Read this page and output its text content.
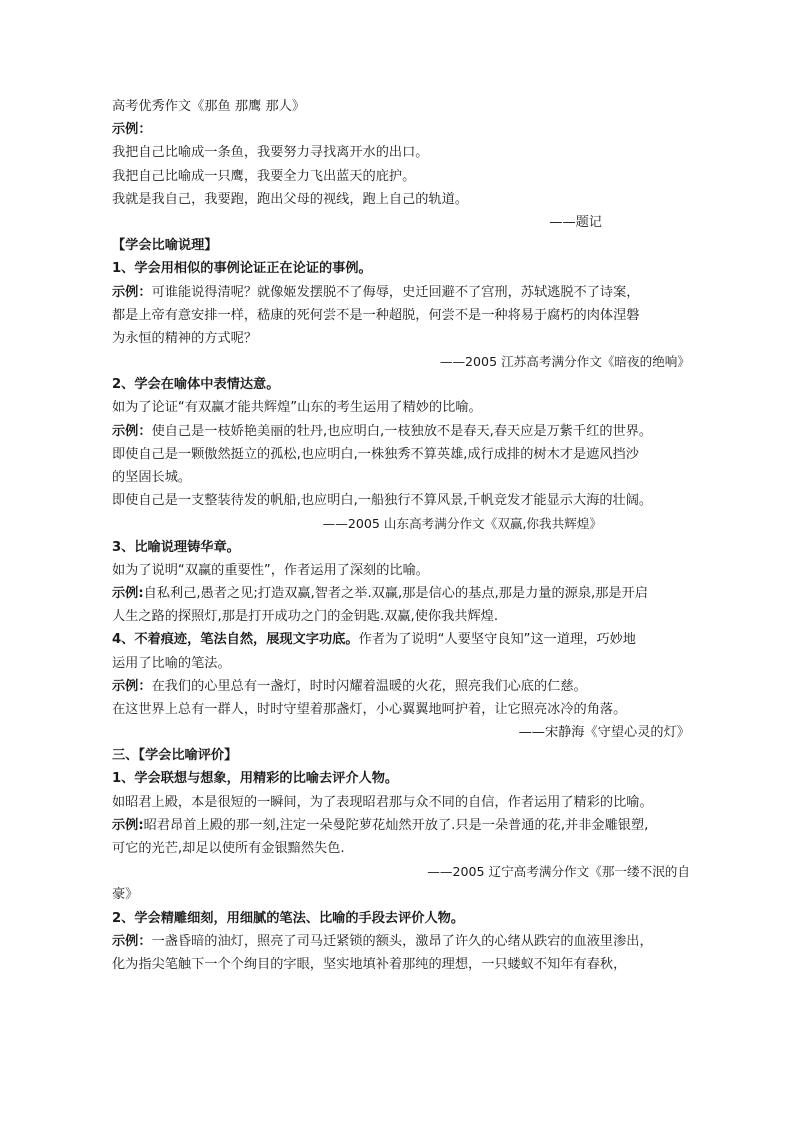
高考优秀作文《那鱼 那鹰 那人》
示例：
我把自己比喻成一条鱼，我要努力寻找离开水的出口。
我把自己比喻成一只鹰，我要全力飞出蓝天的庇护。
我就是我自己，我要跑，跑出父母的视线，跑上自己的轨道。
——题记
【学会比喻说理】
1、学会用相似的事例论证正在论证的事例。
示例：可谁能说得清呢？就像姬发摆脱不了侮辱，史迁回避不了宫刑，苏轼逃脱不了诗案，
都是上帝有意安排一样，嵇康的死何尝不是一种超脱，何尝不是一种将易于腐朽的肉体涅磐
为永恒的精神的方式呢？
——2005 江苏高考满分作文《暗夜的绝响》
2、学会在喻体中表情达意。
如为了论证“有双赢才能共辉煌”山东的考生运用了精妙的比喻。
示例：使自己是一枝娇艳美丽的牡丹,也应明白,一枝独放不是春天,春天应是万紫千红的世界。
即使自己是一颗傲然挺立的孤松,也应明白,一株独秀不算英雄,成行成排的树木才是遮风挡沙
的坚固长城。
即使自己是一支整装待发的帆船,也应明白,一船独行不算风景,千帆竞发才能显示大海的壮阔。
——2005 山东高考满分作文《双赢,你我共辉煌》
3、比喻说理铸华章。
如为了说明“双赢的重要性”，作者运用了深刻的比喻。
示例:自私利己,愚者之见;打造双赢,智者之举.双赢,那是信心的基点,那是力量的源泉,那是开启
人生之路的探照灯,那是打开成功之门的金钥匙.双赢,使你我共辉煌.
4、不着痕迹，笔法自然，展现文字功底。作者为了说明“人要坚守良知”这一道理，巧妙地
运用了比喻的笔法。
示例：在我们的心里总有一盏灯，时时闪耀着温暖的火花，照亮我们心底的仁慈。
在这世界上总有一群人，时时守望着那盏灯，小心翼翼地呵护着，让它照亮冰冷的角落。
——宋静海《守望心灵的灯》
三、【学会比喻评价】
1、学会联想与想象，用精彩的比喻去评介人物。
如昭君上殿，本是很短的一瞬间，为了表现昭君那与众不同的自信，作者运用了精彩的比喻。
示例:昭君昂首上殿的那一刻,注定一朵曼陀萝花灿然开放了.只是一朵普通的花,并非金雕银塑,
可它的光芒,却足以使所有金银黯然失色.
——2005 辽宁高考满分作文《那一缕不泯的自
豪》
2、学会精雕细刻，用细腻的笔法、比喻的手段去评价人物。
示例：一盏昏暗的油灯，照亮了司马迁紧锁的额头，激昂了许久的心绪从跌宕的血液里渗出，
化为指尖笔触下一个个绚目的字眼，坚实地填补着那纯的理想，一只蝼蚁不知年有春秋，
